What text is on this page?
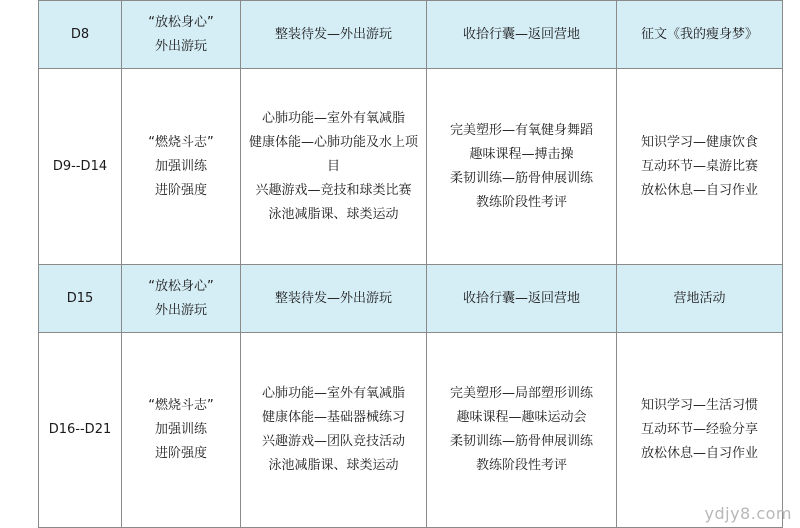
D8	“放松身心”
外出游玩	整装待发—外出游玩	收拾行囊—返回营地	征文《我的瘦身梦》

D9--D14	“燃烧斗志”
加强训练
进阶强度	心肺功能—室外有氧减脂
健康体能—心肺功能及水上项目
兴趣游戏—竞技和球类比赛
泳池减脂课、球类运动	完美塑形—有氧健身舞蹈
趣味课程—搏击操
柔韧训练—筋骨伸展训练
教练阶段性考评	知识学习—健康饮食
互动环节—桌游比赛
放松休息—自习作业

D15	“放松身心”
外出游玩	整装待发—外出游玩	收拾行囊—返回营地	营地活动

D16--D21	“燃烧斗志”
加强训练
进阶强度	心肺功能—室外有氧减脂
健康体能—基础器械练习
兴趣游戏—团队竞技活动
泳池减脂课、球类运动	完美塑形—局部塑形训练
趣味课程—趣味运动会
柔韧训练—筋骨伸展训练
教练阶段性考评	知识学习—生活习惯
互动环节—经验分享
放松休息—自习作业
ydjy8.com
